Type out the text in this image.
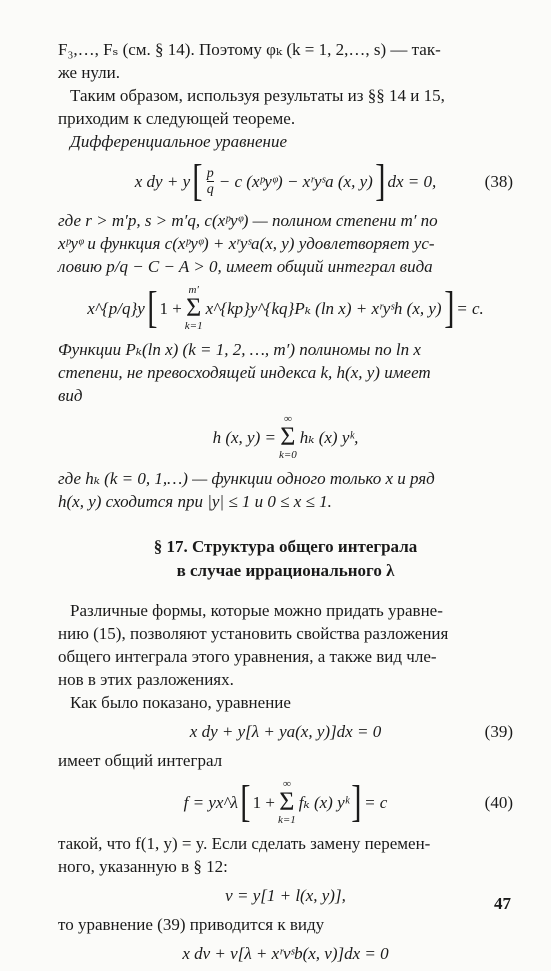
F₃,…, Fₛ (см. § 14). Поэтому φₖ (k = 1, 2,…, s) — так-

же нули.

Таким образом, используя результаты из §§ 14 и 15,

приходим к следующей теореме.

Дифференциальное уравнение

x dy + y [ $\frac{p}{q} - c$ (xᵖyᵠ) − xʳyˢa (x, y) ] dx = 0,	(38)

где r > m′p, s > m′q, c(xᵖyᵠ) — полином степени m′ по

xᵖyᵠ и функция c(xᵖyᵠ) + xʳyˢa(x, y) удовлетворяет ус-

ловию p/q − C − A > 0, имеет общий интеграл вида

x^{p/q}y [ 1 +
m′
Σ
k=1
x^{kp}y^{kq}Pₖ (ln x) + xʳyˢh (x, y) ] = c.

Функции Pₖ(ln x) (k = 1, 2, …, m′) полиномы по ln x

степени, не превосходящей индекса k, h(x, y) имеет

вид

h (x, y) =
∞
Σ
k=0
hₖ (x) yᵏ,

где hₖ (k = 0, 1,…) — функции одного только x и ряд

h(x, y) сходится при |y| ≤ 1 и 0 ≤ x ≤ 1.

§ 17. Структура общего интеграла
в случае иррационального λ

Различные формы, которые можно придать уравне-

нию (15), позволяют установить свойства разложения

общего интеграла этого уравнения, а также вид чле-

нов в этих разложениях.

Как было показано, уравнение

x dy + y[λ + ya(x, y)]dx = 0	(39)

имеет общий интеграл

f = yx^λ [ 1 +
∞
Σ
k=1
fₖ (x) yᵏ ] = c	(40)

такой, что f(1, y) = y. Если сделать замену перемен-

ного, указанную в § 12:

v = y[1 + l(x, y)],

то уравнение (39) приводится к виду

x dv + v[λ + xʳvˢb(x, v)]dx = 0
47
